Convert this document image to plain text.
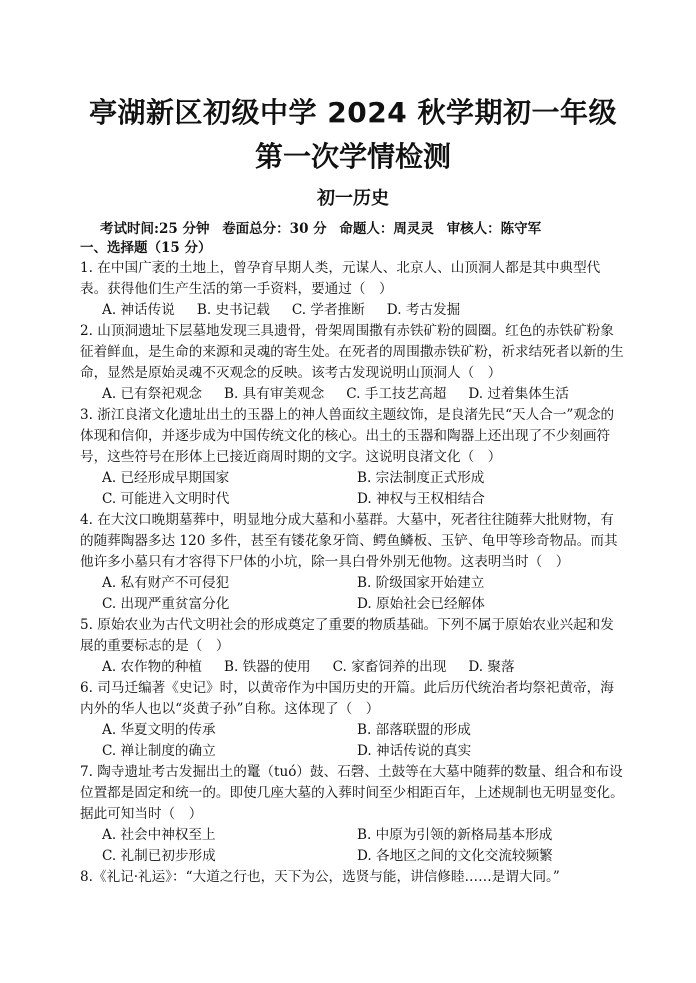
亭湖新区初级中学 2024 秋学期初一年级
第一次学情检测
初一历史
考试时间:25 分钟 卷面总分：30 分 命题人：周灵灵 审核人：陈守军
一、选择题（15 分）
1. 在中国广袤的土地上，曾孕育早期人类，元谋人、北京人、山顶洞人都是其中典型代表。获得他们生产生活的第一手资料，要通过（　）
A. 神话传说 B. 史书记载 C. 学者推断 D. 考古发掘
2. 山顶洞遗址下层墓地发现三具遗骨，骨架周围撒有赤铁矿粉的圆圈。红色的赤铁矿粉象征着鲜血，是生命的来源和灵魂的寄生处。在死者的周围撒赤铁矿粉，祈求结死者以新的生命，显然是原始灵魂不灭观念的反映。该考古发现说明山顶洞人（　）
A. 已有祭祀观念 B. 具有审美观念 C. 手工技艺高超 D. 过着集体生活
3. 浙江良渚文化遗址出土的玉器上的神人兽面纹主题纹饰，是良渚先民“天人合一”观念的体现和信仰，并逐步成为中国传统文化的核心。出土的玉器和陶器上还出现了不少刻画符号，这些符号在形体上已接近商周时期的文字。这说明良渚文化（　）
A. 已经形成早期国家	B. 宗法制度正式形成
C. 可能进入文明时代	D. 神权与王权相结合
4. 在大汶口晚期墓葬中，明显地分成大墓和小墓群。大墓中，死者往往随葬大批财物，有的随葬陶器多达 120 多件，甚至有镂花象牙筒、鳄鱼鳞板、玉铲、龟甲等珍奇物品。而其他许多小墓只有才容得下尸体的小坑，除一具白骨外别无他物。这表明当时（　）
A. 私有财产不可侵犯	B. 阶级国家开始建立
C. 出现严重贫富分化	D. 原始社会已经解体
5. 原始农业为古代文明社会的形成奠定了重要的物质基础。下列不属于原始农业兴起和发展的重要标志的是（　）
A. 农作物的种植 B. 铁器的使用 C. 家畜饲养的出现 D. 聚落
6. 司马迁编著《史记》时，以黄帝作为中国历史的开篇。此后历代统治者均祭祀黄帝，海内外的华人也以“炎黄子孙”自称。这体现了（　）
A. 华夏文明的传承	B. 部落联盟的形成
C. 禅让制度的确立	D. 神话传说的真实
7. 陶寺遗址考古发掘出土的鼍（tuó）鼓、石磬、土鼓等在大墓中随葬的数量、组合和布设位置都是固定和统一的。即使几座大墓的入葬时间至少相距百年，上述规制也无明显变化。据此可知当时（　）
A. 社会中神权至上	B. 中原为引领的新格局基本形成
C. 礼制已初步形成	D. 各地区之间的文化交流较频繁
8.《礼记·礼运》：“大道之行也，天下为公，选贤与能，讲信修睦……是谓大同。”
